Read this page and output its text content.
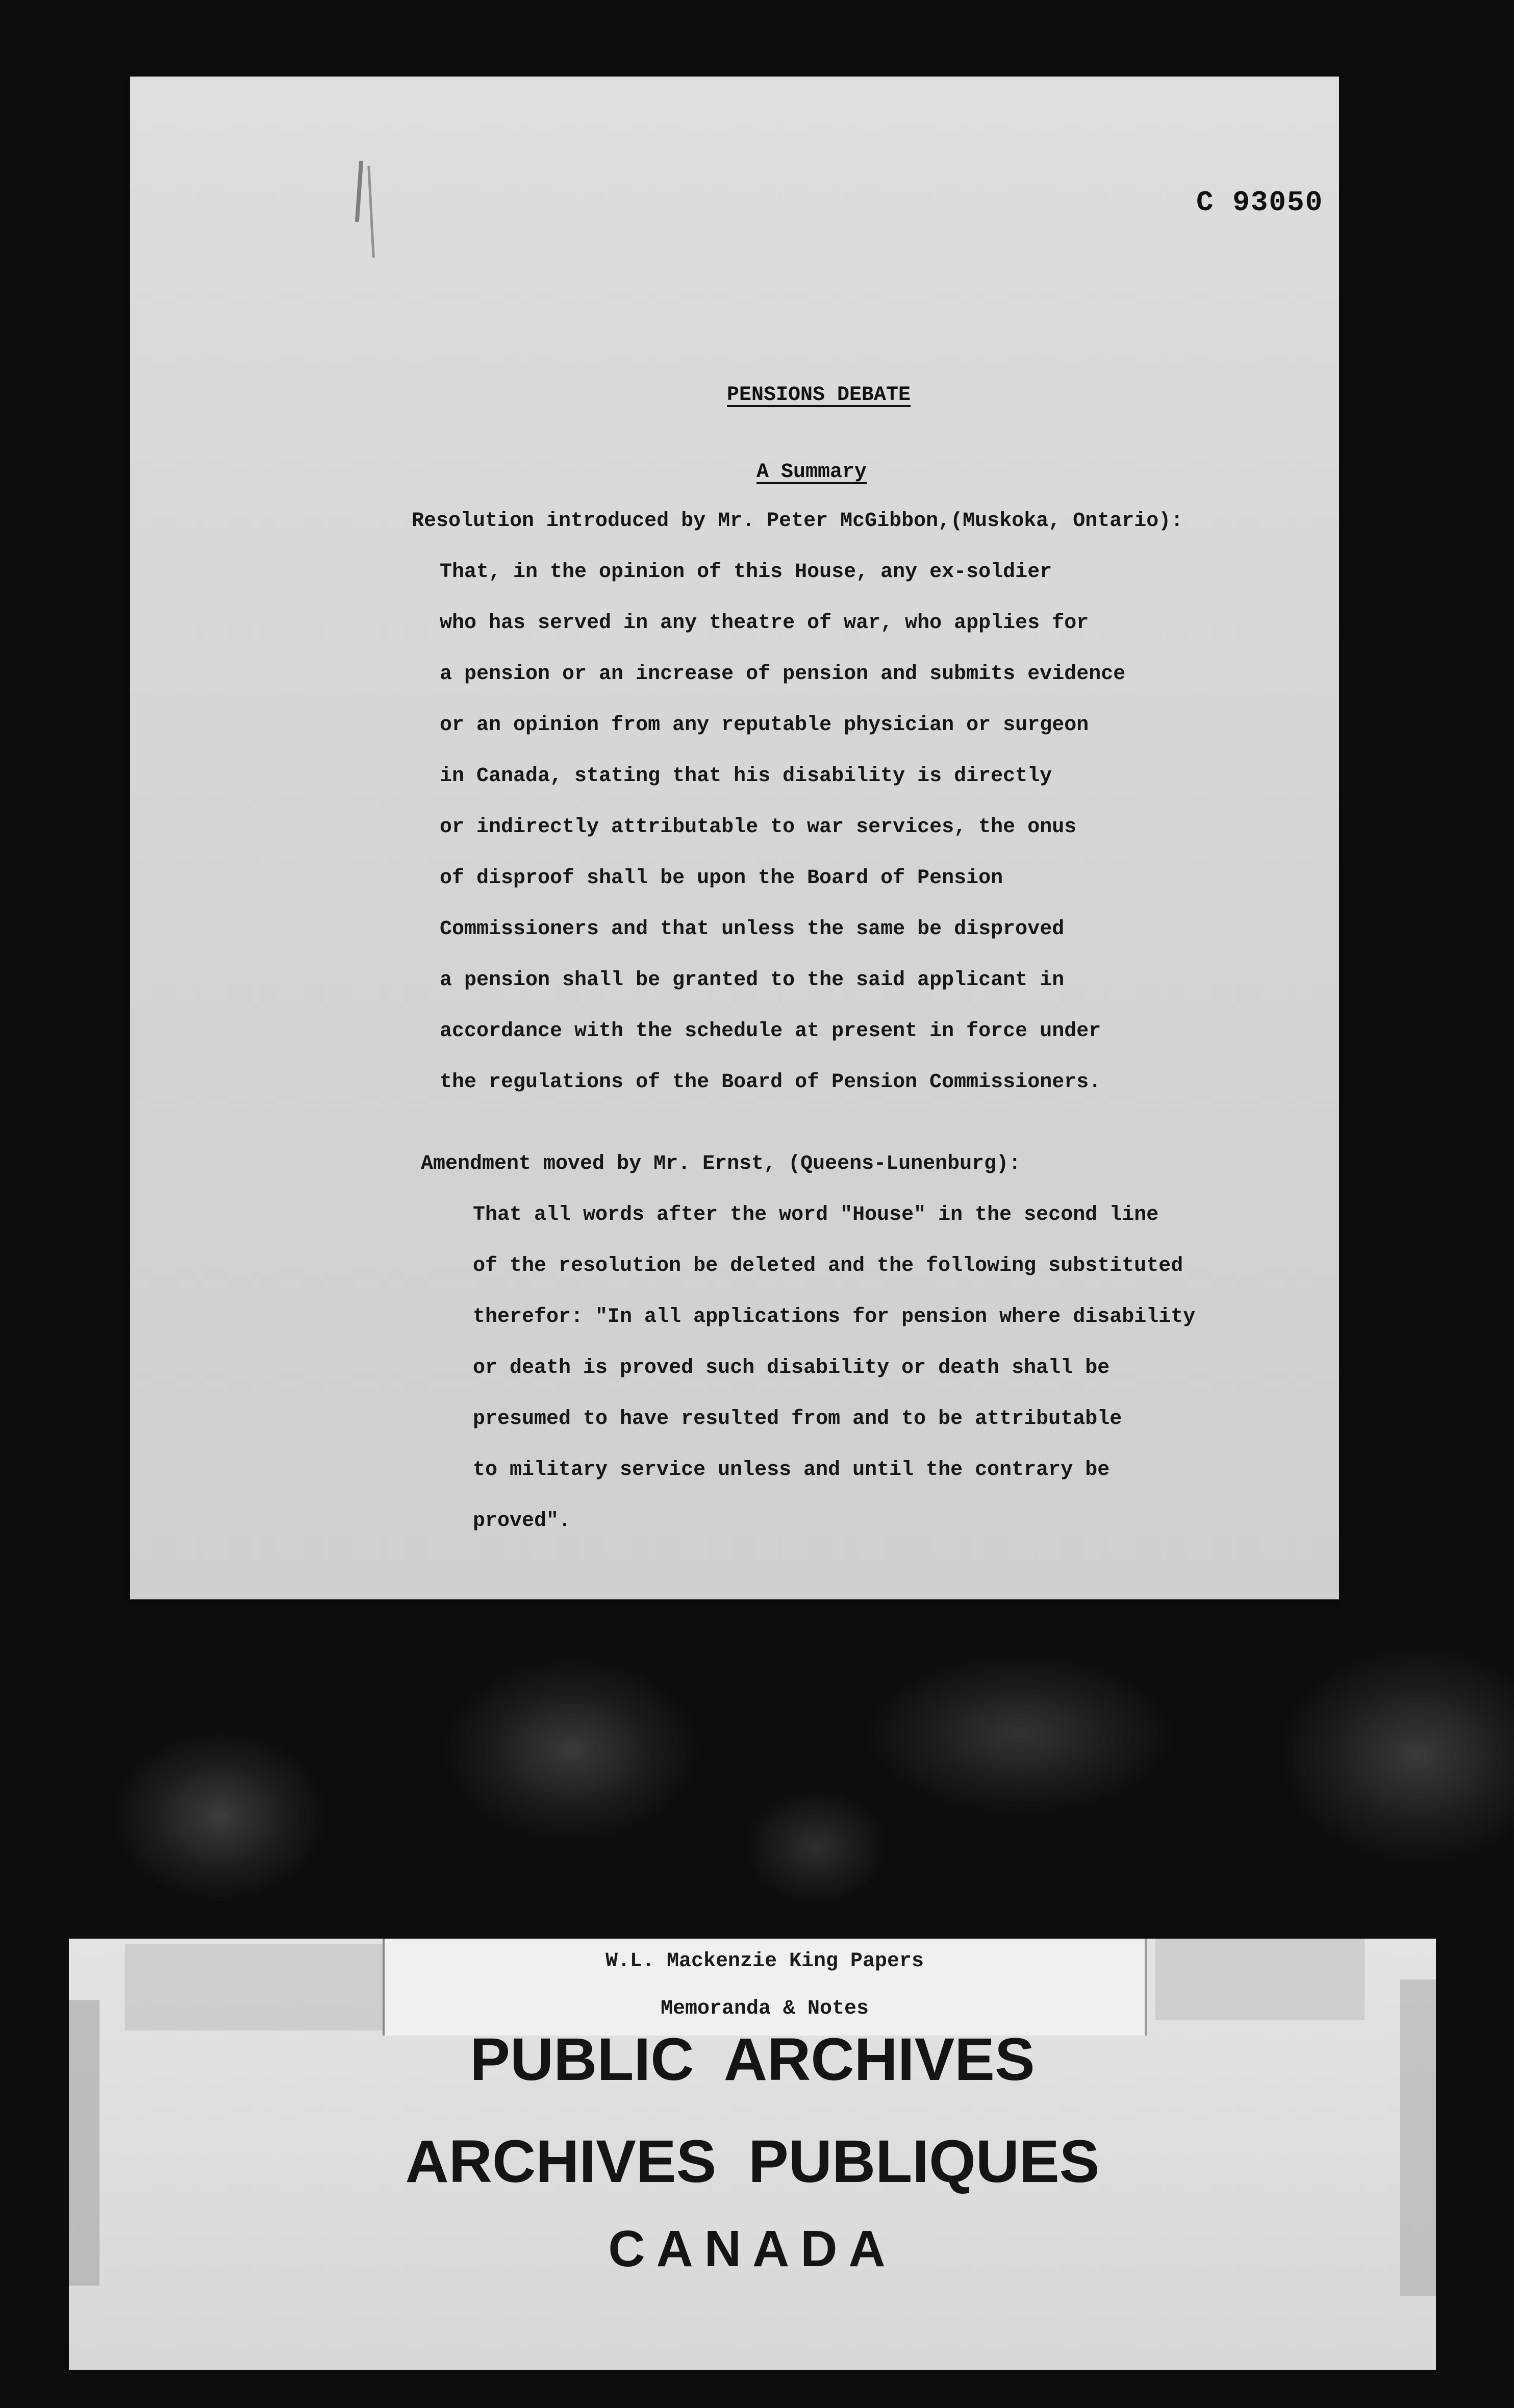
C 93050
PENSIONS DEBATE
A Summary
Resolution introduced by Mr. Peter McGibbon,(Muskoka, Ontario):
That, in the opinion of this House, any ex-soldier
who has served in any theatre of war, who applies for
a pension or an increase of pension and submits evidence
or an opinion from any reputable physician or surgeon
in Canada, stating that his disability is directly
or indirectly attributable to war services, the onus
of disproof shall be upon the Board of Pension
Commissioners and that unless the same be disproved
a pension shall be granted to the said applicant in
accordance with the schedule at present in force under
the regulations of the Board of Pension Commissioners.
Amendment moved by Mr. Ernst, (Queens-Lunenburg):
That all words after the word "House" in the second line
of the resolution be deleted and the following substituted
therefor: "In all applications for pension where disability
or death is proved such disability or death shall be
presumed to have resulted from and to be attributable
to military service unless and until the contrary be
proved".
W.L. Mackenzie King Papers
Memoranda & Notes
PUBLIC ARCHIVES
ARCHIVES PUBLIQUES
CANADA
